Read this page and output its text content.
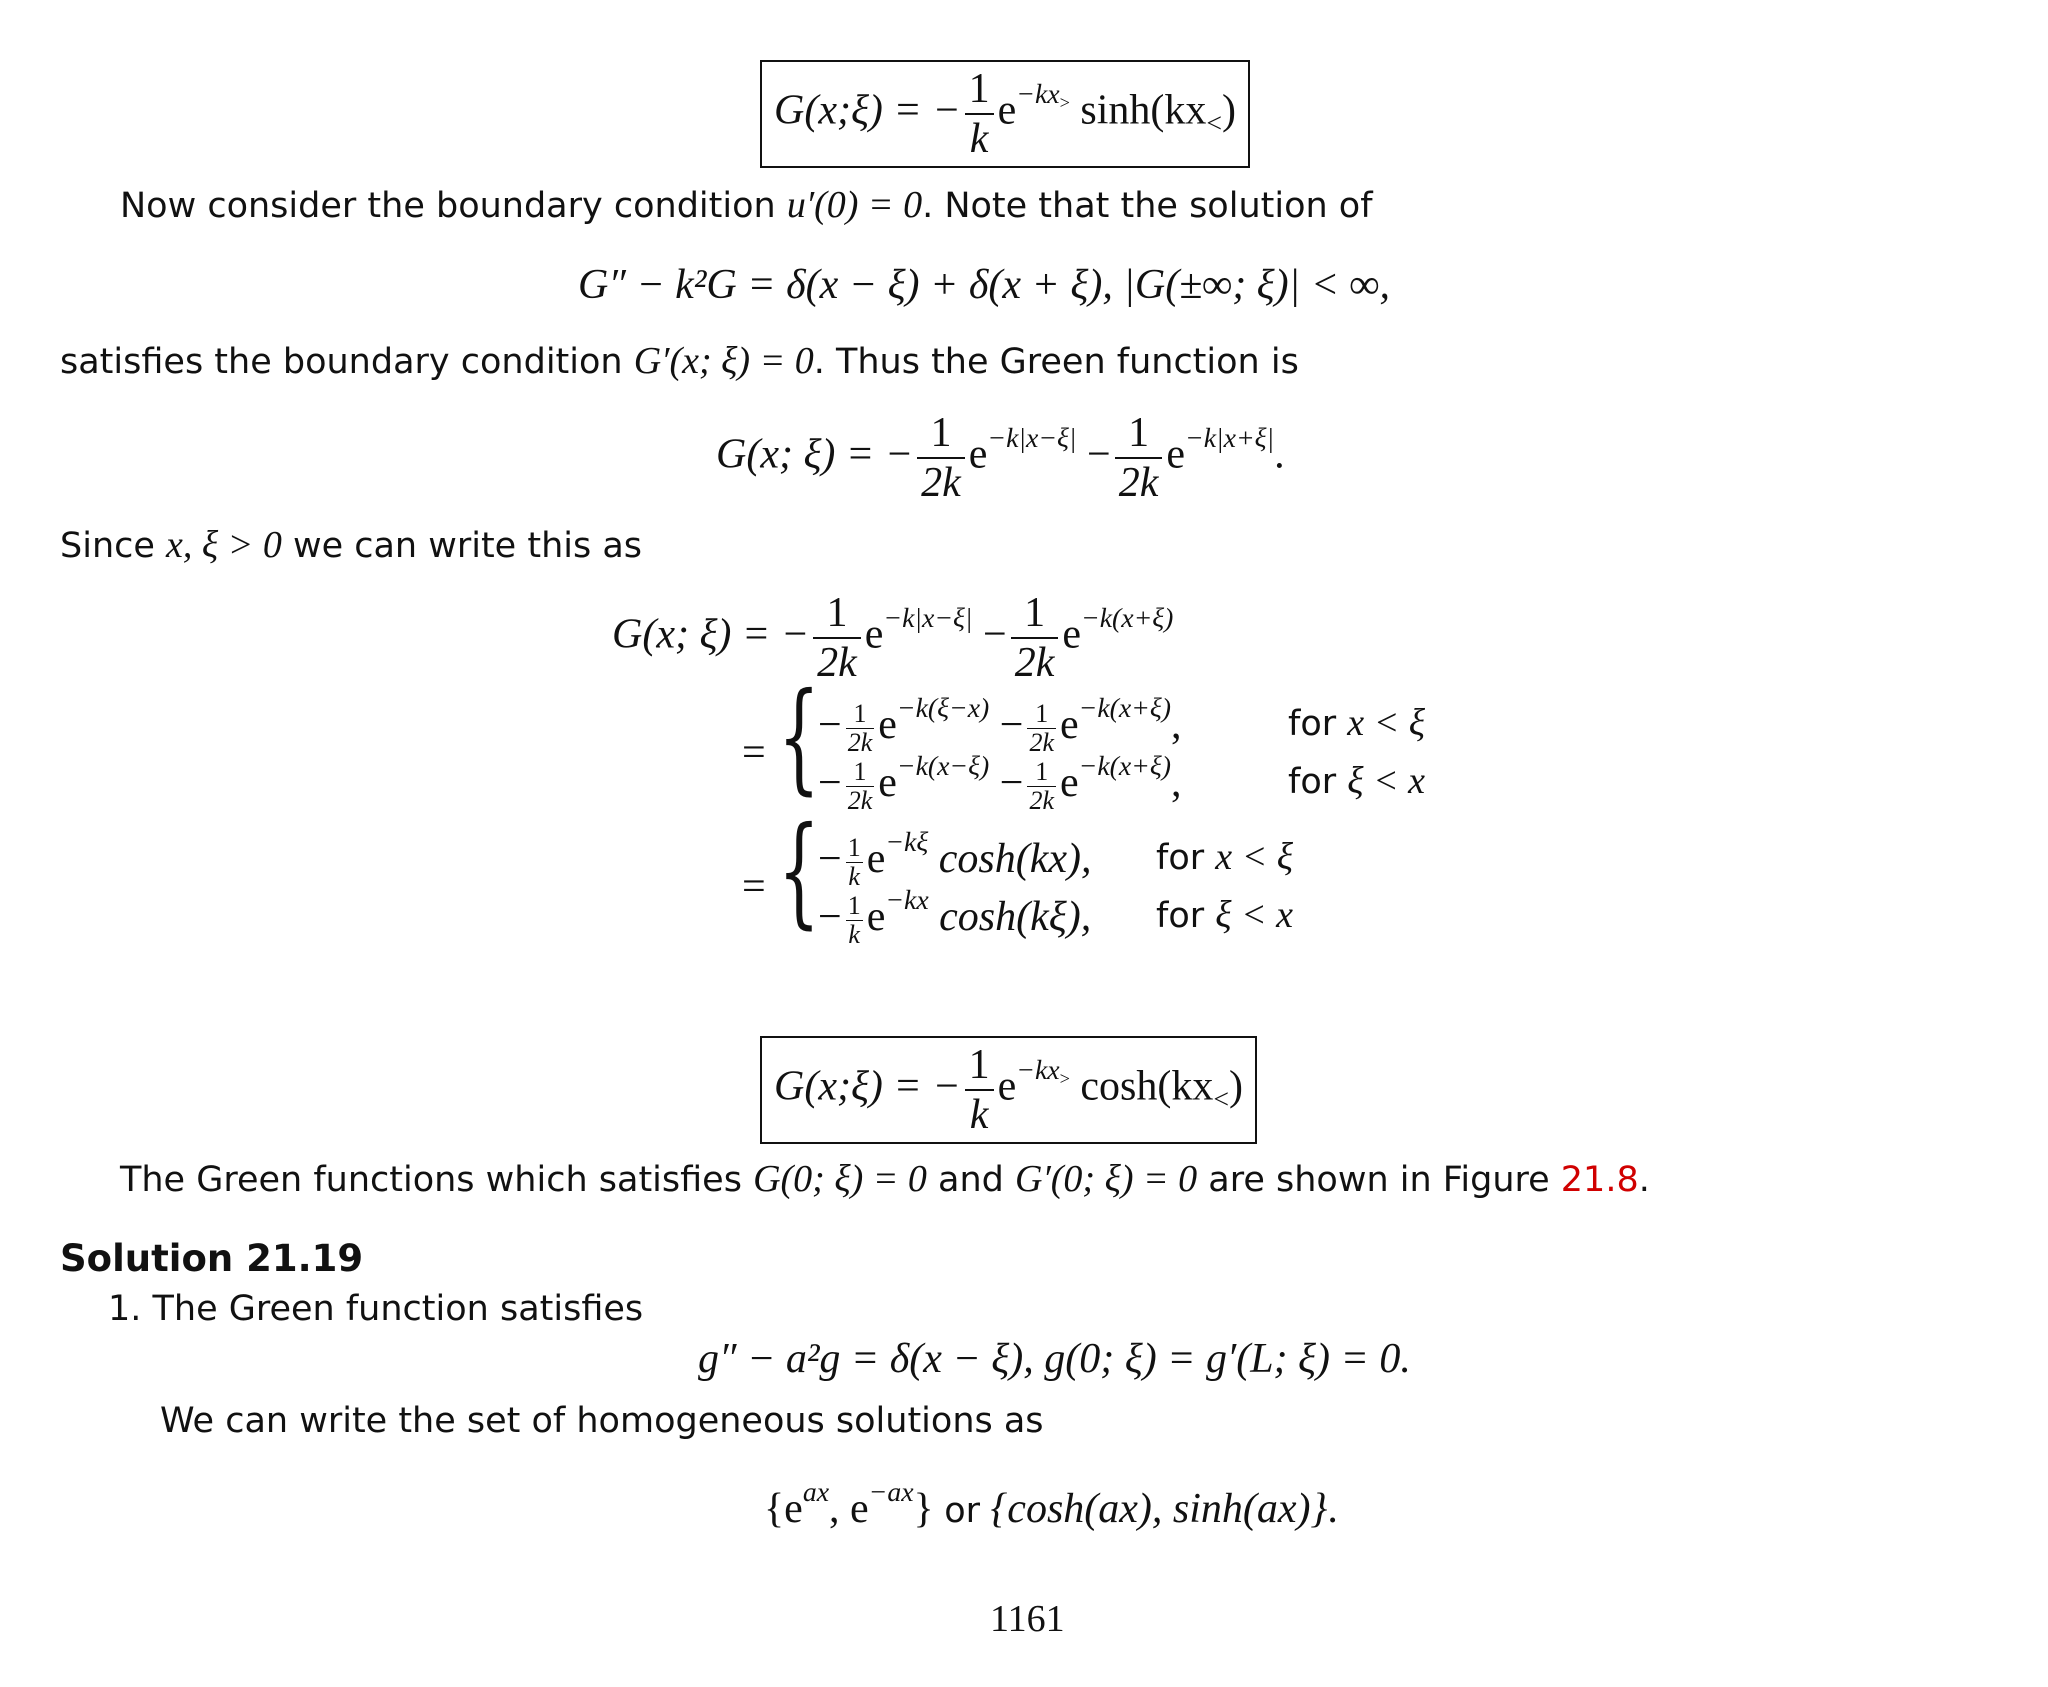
G(x;ξ) = − $\frac{1}{k} e^{-kx_>}$ $\sinh(kx_<)$
Now consider the boundary condition u′(0) = 0. Note that the solution of
G″ − k²G = δ(x − ξ) + δ(x + ξ), |G(±∞; ξ)| < ∞,
satisfies the boundary condition G′(x; ξ) = 0. Thus the Green function is
G(x; ξ) = − $\frac{1}{2k} e^{-k|x-\xi|} - \frac{1}{2k} e^{-k|x+\xi|}$.
Since x, ξ > 0 we can write this as
G(x; ξ) = − $\frac{1}{2k} e^{-k|x-\xi|} - \frac{1}{2k} e^{-k(x+\xi)}$
= {
− $\frac{1}{2k} e^{-k(\xi-x)} - \frac{1}{2k} e^{-k(x+\xi)}$,	for x < ξ
− $\frac{1}{2k} e^{-k(x-\xi)} - \frac{1}{2k} e^{-k(x+\xi)}$,	for ξ < x
= {
− $\frac{1}{k} e^{-k\xi}$ cosh(kx), for x < ξ
− $\frac{1}{k} e^{-kx}$ cosh(kξ), for ξ < x
G(x;ξ) = − $\frac{1}{k} e^{-kx_>}$ $\cosh(kx_<)$
The Green functions which satisfies G(0; ξ) = 0 and G′(0; ξ) = 0 are shown in Figure 21.8.
Solution 21.19
1. The Green function satisfies
g″ − a²g = δ(x − ξ), g(0; ξ) = g′(L; ξ) = 0.
We can write the set of homogeneous solutions as
{$e^{ax}$, $e^{-ax}$} or {cosh(ax), sinh(ax)}.
1161
